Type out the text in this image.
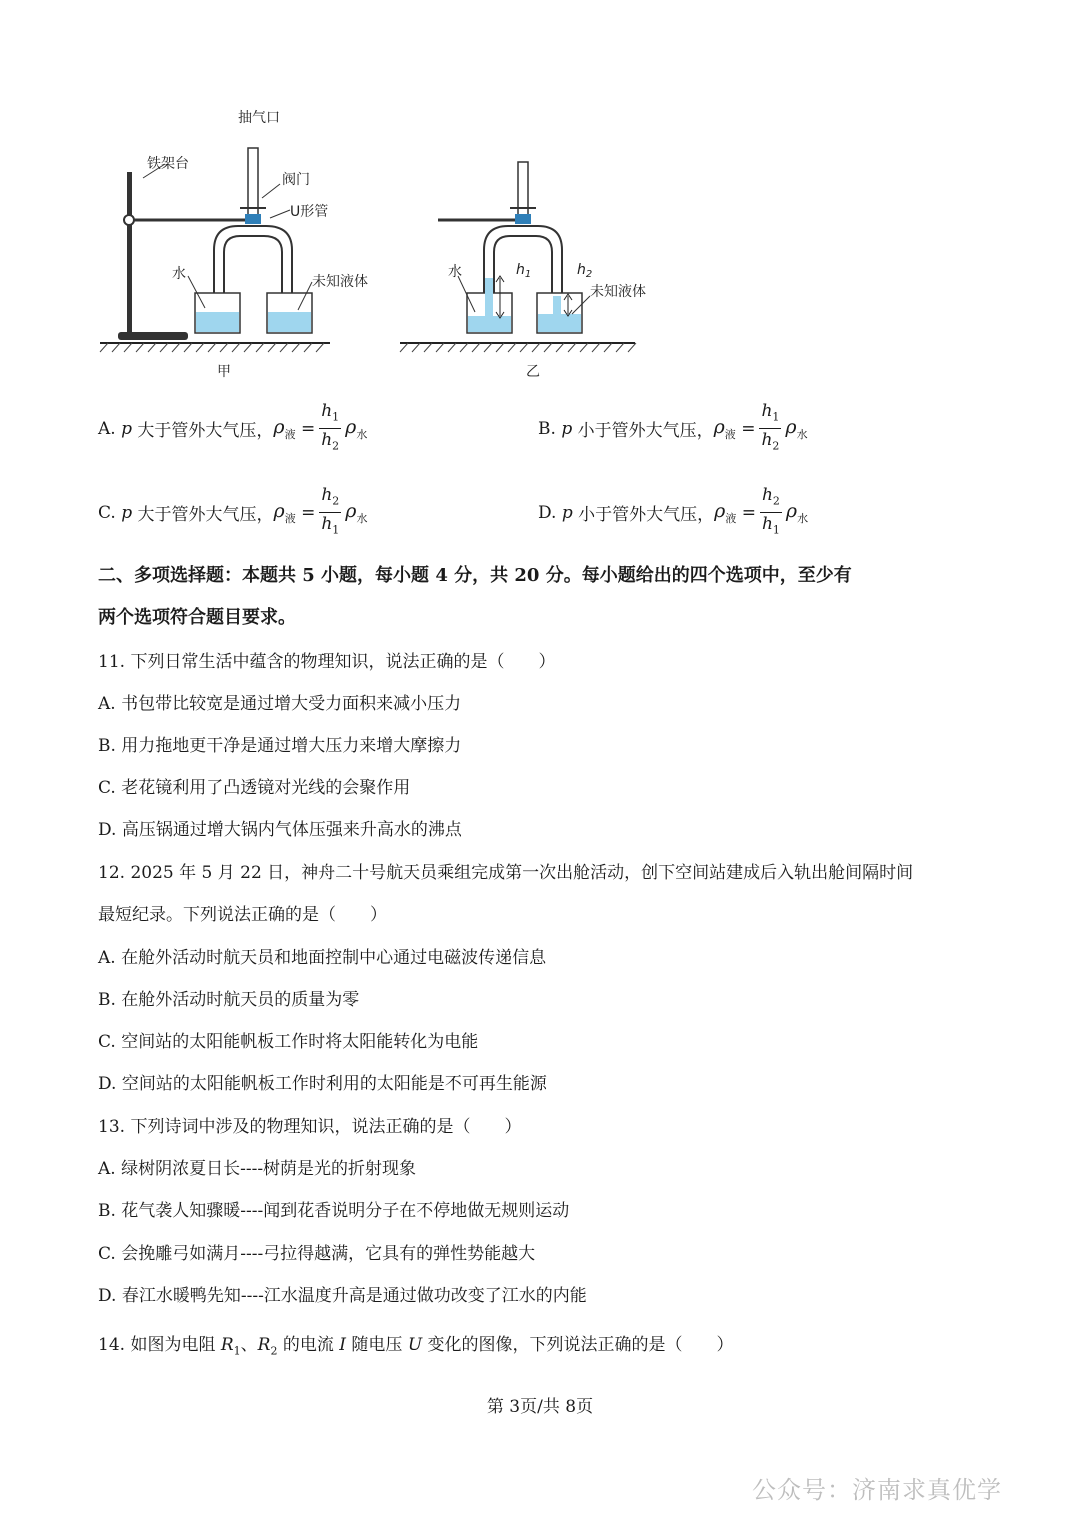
抽气口
铁架台
阀门
U形管
水	未知液体
甲
水
未知液体
$h_1$	$h_2$
乙
A.
p
大于管外大气压， $\rho_液$
= $\frac{h_1}{h_2} \rho_水$	B.
p
小于管外大气压， $\rho_液$
= $\frac{h_1}{h_2} \rho_水$
C.
p
大于管外大气压， $\rho_液$
= $\frac{h_2}{h_1} \rho_水$	D.
p
小于管外大气压， $\rho_液$
= $\frac{h_2}{h_1} \rho_水$
二、多项选择题：本题共 5 小题，每小题 4 分，共 20 分。每小题给出的四个选项中，至少有
两个选项符合题目要求。
11. 下列日常生活中蕴含的物理知识，说法正确的是（　　）
A. 书包带比较宽是通过增大受力面积来减小压力
B. 用力拖地更干净是通过增大压力来增大摩擦力
C. 老花镜利用了凸透镜对光线的会聚作用
D. 高压锅通过增大锅内气体压强来升高水的沸点
12. 2025 年 5 月 22 日，神舟二十号航天员乘组完成第一次出舱活动，创下空间站建成后入轨出舱间隔时间
最短纪录。下列说法正确的是（　　）
A. 在舱外活动时航天员和地面控制中心通过电磁波传递信息
B. 在舱外活动时航天员的质量为零
C. 空间站的太阳能帆板工作时将太阳能转化为电能
D. 空间站的太阳能帆板工作时利用的太阳能是不可再生能源
13. 下列诗词中涉及的物理知识，说法正确的是（　　）
A. 绿树阴浓夏日长----树荫是光的折射现象
B. 花气袭人知骤暖----闻到花香说明分子在不停地做无规则运动
C. 会挽雕弓如满月----弓拉得越满，它具有的弹性势能越大
D. 春江水暖鸭先知----江水温度升高是通过做功改变了江水的内能
14. 如图为电阻 $R_1$、$R_2$ 的电流 I 随电压 U 变化的图像，下列说法正确的是（　　）
第 3页/共 8页
公众号：济南求真优学
